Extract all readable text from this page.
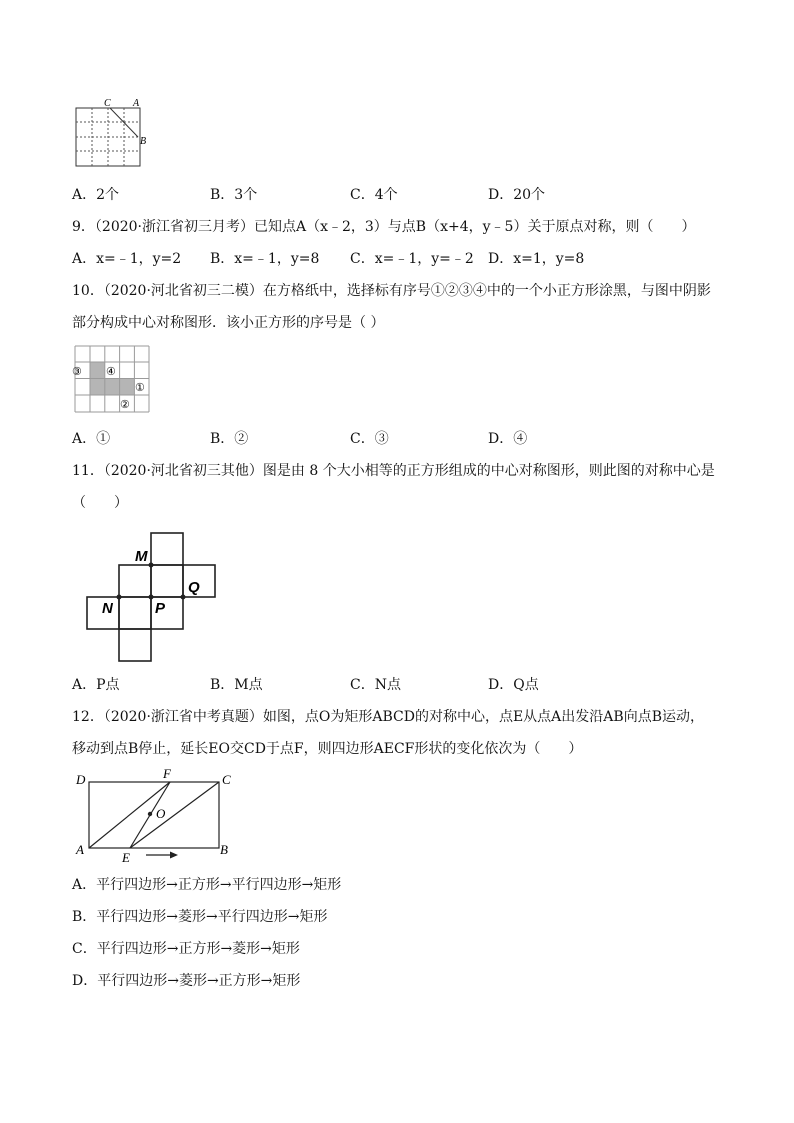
C A
B
A．2个	B．3个	C．4个	D．20个
9．（2020·浙江省初三月考）已知点A（x﹣2，3）与点B（x+4，y﹣5）关于原点对称，则（　　）
A．x=﹣1，y=2 B．x=﹣1，y=8 C．x=﹣1，y=﹣2 D．x=1，y=8
10．（2020·河北省初三二模）在方格纸中，选择标有序号①②③④中的一个小正方形涂黑，与图中阴影
部分构成中心对称图形．该小正方形的序号是（ ）
③ ④
①
②
A．①	B．②	C．③	D．④
11．（2020·河北省初三其他）图是由 8 个大小相等的正方形组成的中心对称图形，则此图的对称中心是
（　　）
M
N	P
Q
A．P点	B．M点	C．N点	D．Q点
12．（2020·浙江省中考真题）如图，点O为矩形ABCD的对称中心，点E从点A出发沿AB向点B运动，
移动到点B停止，延长EO交CD于点F，则四边形AECF形状的变化依次为（　　）
D	F	C
O
A
E
B
A．平行四边形→正方形→平行四边形→矩形
B．平行四边形→菱形→平行四边形→矩形
C．平行四边形→正方形→菱形→矩形
D．平行四边形→菱形→正方形→矩形
